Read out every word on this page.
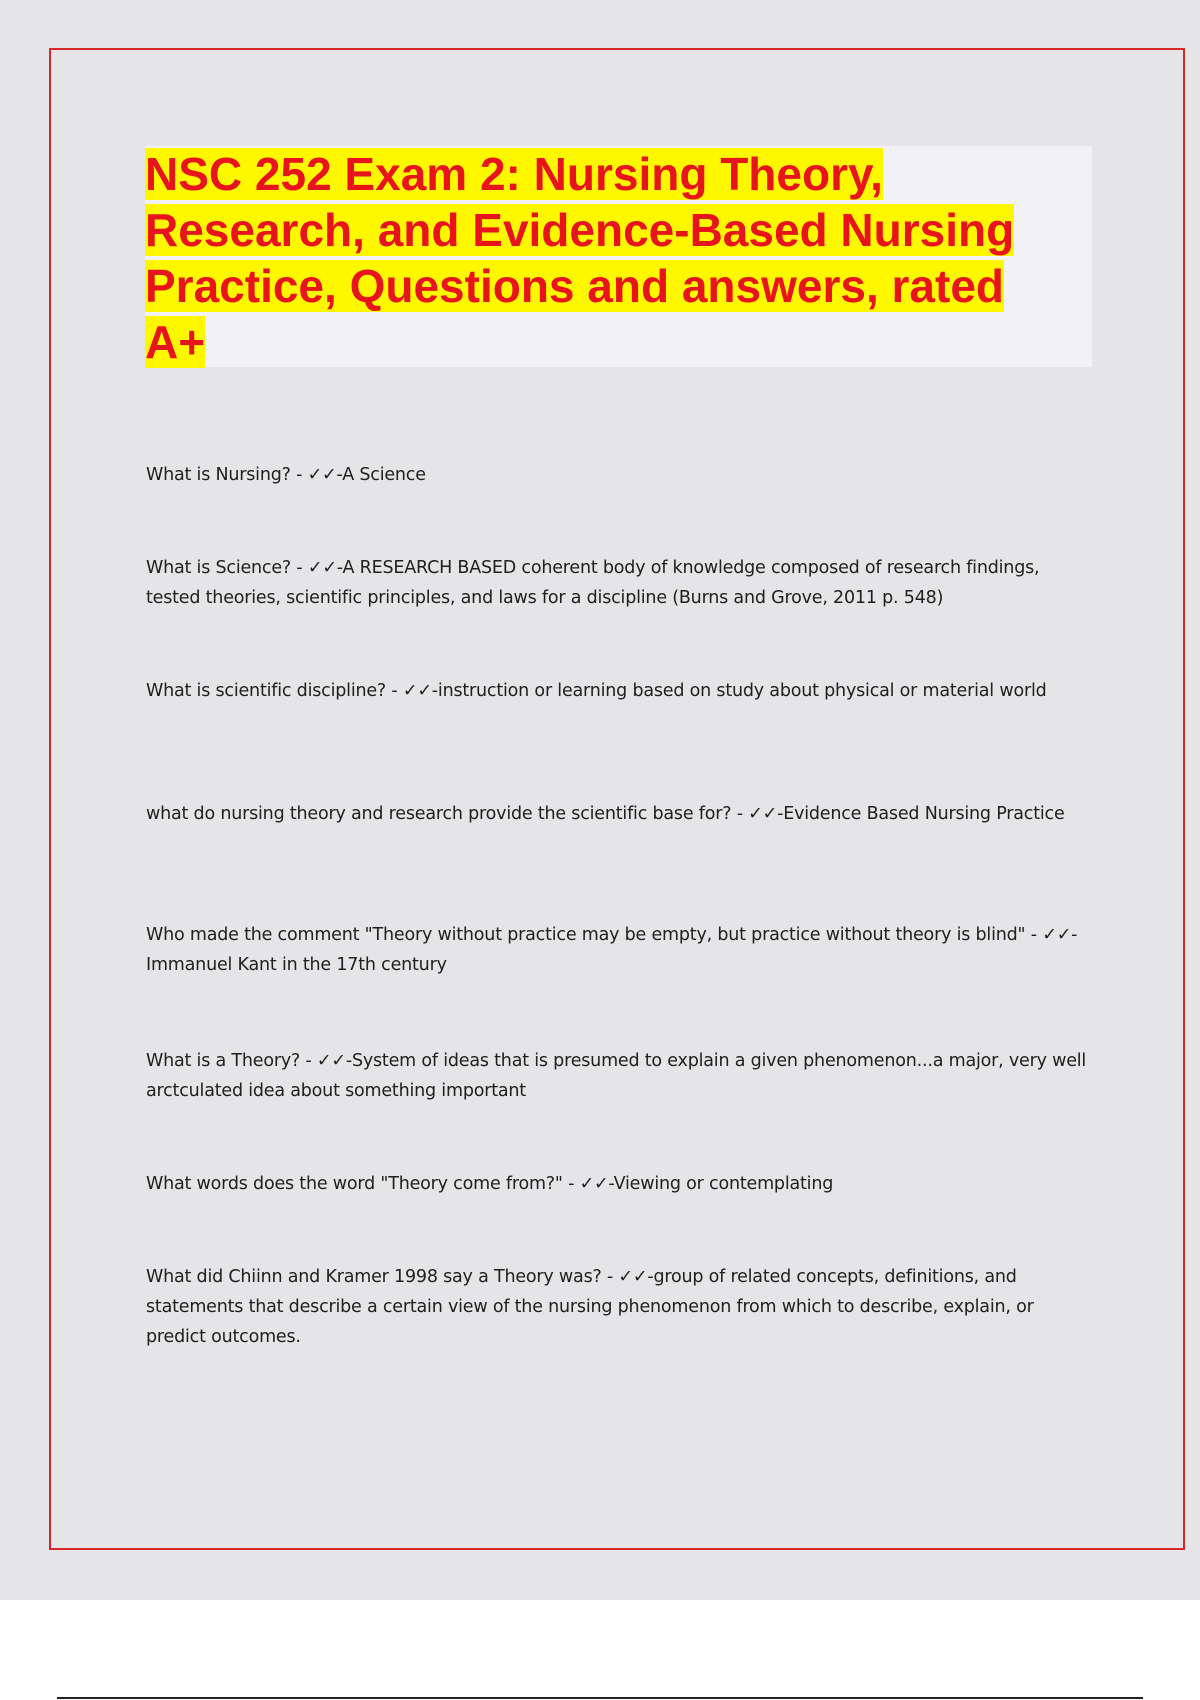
NSC 252 Exam 2: Nursing Theory, Research, and Evidence-Based Nursing Practice, Questions and answers, rated A+
What is Nursing? - ✓✓-A Science
What is Science? - ✓✓-A RESEARCH BASED coherent body of knowledge composed of research findings, tested theories, scientific principles, and laws for a discipline (Burns and Grove, 2011 p. 548)
What is scientific discipline? - ✓✓-instruction or learning based on study about physical or material world
what do nursing theory and research provide the scientific base for? - ✓✓-Evidence Based Nursing Practice
Who made the comment "Theory without practice may be empty, but practice without theory is blind" - ✓✓-Immanuel Kant in the 17th century
What is a Theory? - ✓✓-System of ideas that is presumed to explain a given phenomenon...a major, very well arctculated idea about something important
What words does the word "Theory come from?" - ✓✓-Viewing or contemplating
What did Chiinn and Kramer 1998 say a Theory was? - ✓✓-group of related concepts, definitions, and statements that describe a certain view of the nursing phenomenon from which to describe, explain, or predict outcomes.
